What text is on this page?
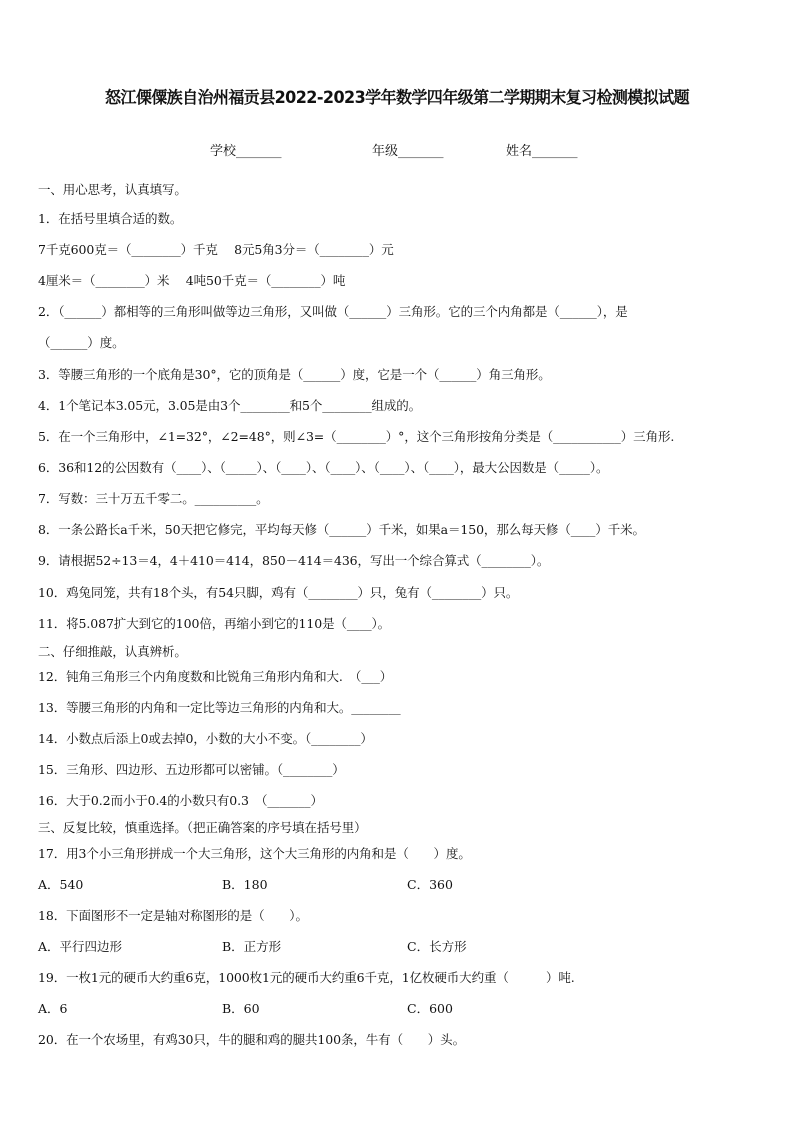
怒江傈僳族自治州福贡县2022-2023学年数学四年级第二学期期末复习检测模拟试题
学校_______	年级_______	姓名_______
一、用心思考，认真填写。
1．在括号里填合适的数。
7千克600克＝（________）千克　 8元5角3分＝（________）元
4厘米＝（________）米　 4吨50千克＝（________）吨
2．（______）都相等的三角形叫做等边三角形，又叫做（______）三角形。它的三个内角都是（______），是
（______）度。
3．等腰三角形的一个底角是30°，它的顶角是（______）度，它是一个（______）角三角形。
4．1个笔记本3.05元，3.05是由3个________和5个________组成的。
5．在一个三角形中，∠1=32°，∠2=48°，则∠3=（________）°，这个三角形按角分类是（___________）三角形.
6．36和12的公因数有（____）、（_____）、（____）、（____）、（____）、（____），最大公因数是（_____）。
7．写数：三十万五千零二。__________。
8．一条公路长a千米，50天把它修完，平均每天修（______）千米，如果a＝150，那么每天修（____）千米。
9．请根据52÷13＝4，4＋410＝414，850－414＝436，写出一个综合算式（________）。
10．鸡兔同笼，共有18个头，有54只脚，鸡有（________）只，兔有（________）只。
11．将5.087扩大到它的100倍，再缩小到它的110是（____）。
二、仔细推敲，认真辨析。
12．钝角三角形三个内角度数和比锐角三角形内角和大.　（___）
13．等腰三角形的内角和一定比等边三角形的内角和大。________
14．小数点后添上0或去掉0，小数的大小不变。（________）
15．三角形、四边形、五边形都可以密铺。（________）
16．大于0.2而小于0.4的小数只有0.3　（_______）
三、反复比较，慎重选择。（把正确答案的序号填在括号里）
17．用3个小三角形拼成一个大三角形，这个大三角形的内角和是（　　）度。
A．540	B．180	C．360
18．下面图形不一定是轴对称图形的是（　　）。
A．平行四边形	B．正方形	C．长方形
19．一枚1元的硬币大约重6克，1000枚1元的硬币大约重6千克，1亿枚硬币大约重（　　　）吨.
A．6	B．60	C．600
20．在一个农场里，有鸡30只，牛的腿和鸡的腿共100条，牛有（　　）头。
